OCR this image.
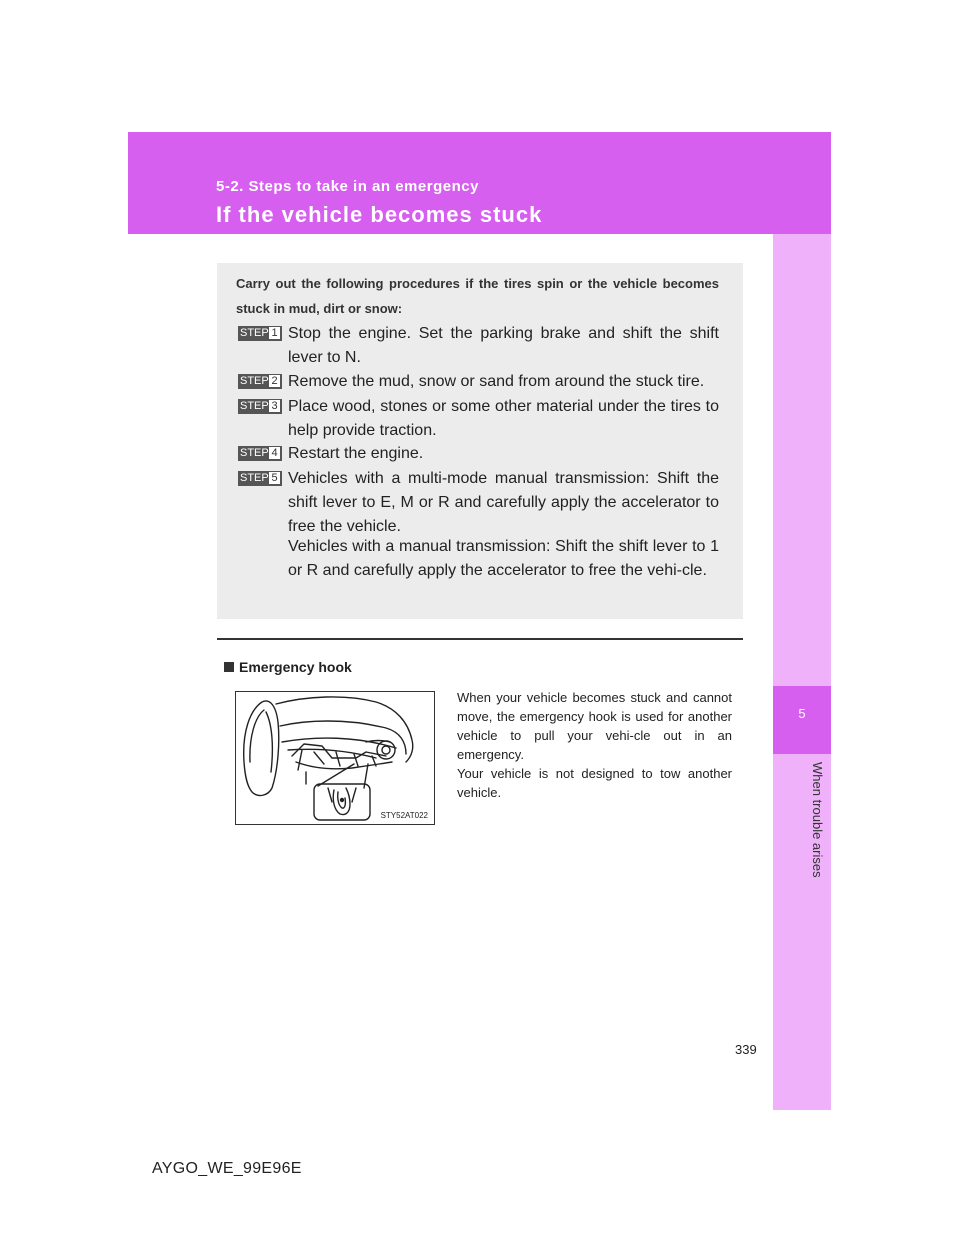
5-2. Steps to take in an emergency
If the vehicle becomes stuck
5
When trouble arises
Carry out the following procedures if the tires spin or the vehicle becomes stuck in mud, dirt or snow:
STEP 1 Stop the engine. Set the parking brake and shift the shift lever to N.
STEP 2 Remove the mud, snow or sand from around the stuck tire.
STEP 3 Place wood, stones or some other material under the tires to help provide traction.
STEP 4 Restart the engine.
STEP 5 Vehicles with a multi-mode manual transmission: Shift the shift lever to E, M or R and carefully apply the accelerator to free the vehicle.
Vehicles with a manual transmission: Shift the shift lever to 1 or R and carefully apply the accelerator to free the vehi-cle.
Emergency hook
STY52AT022

When your vehicle becomes stuck and cannot move, the emergency hook is used for another vehicle to pull your vehi-cle out in an emergency.

Your vehicle is not designed to tow another vehicle.

339
AYGO_WE_99E96E
